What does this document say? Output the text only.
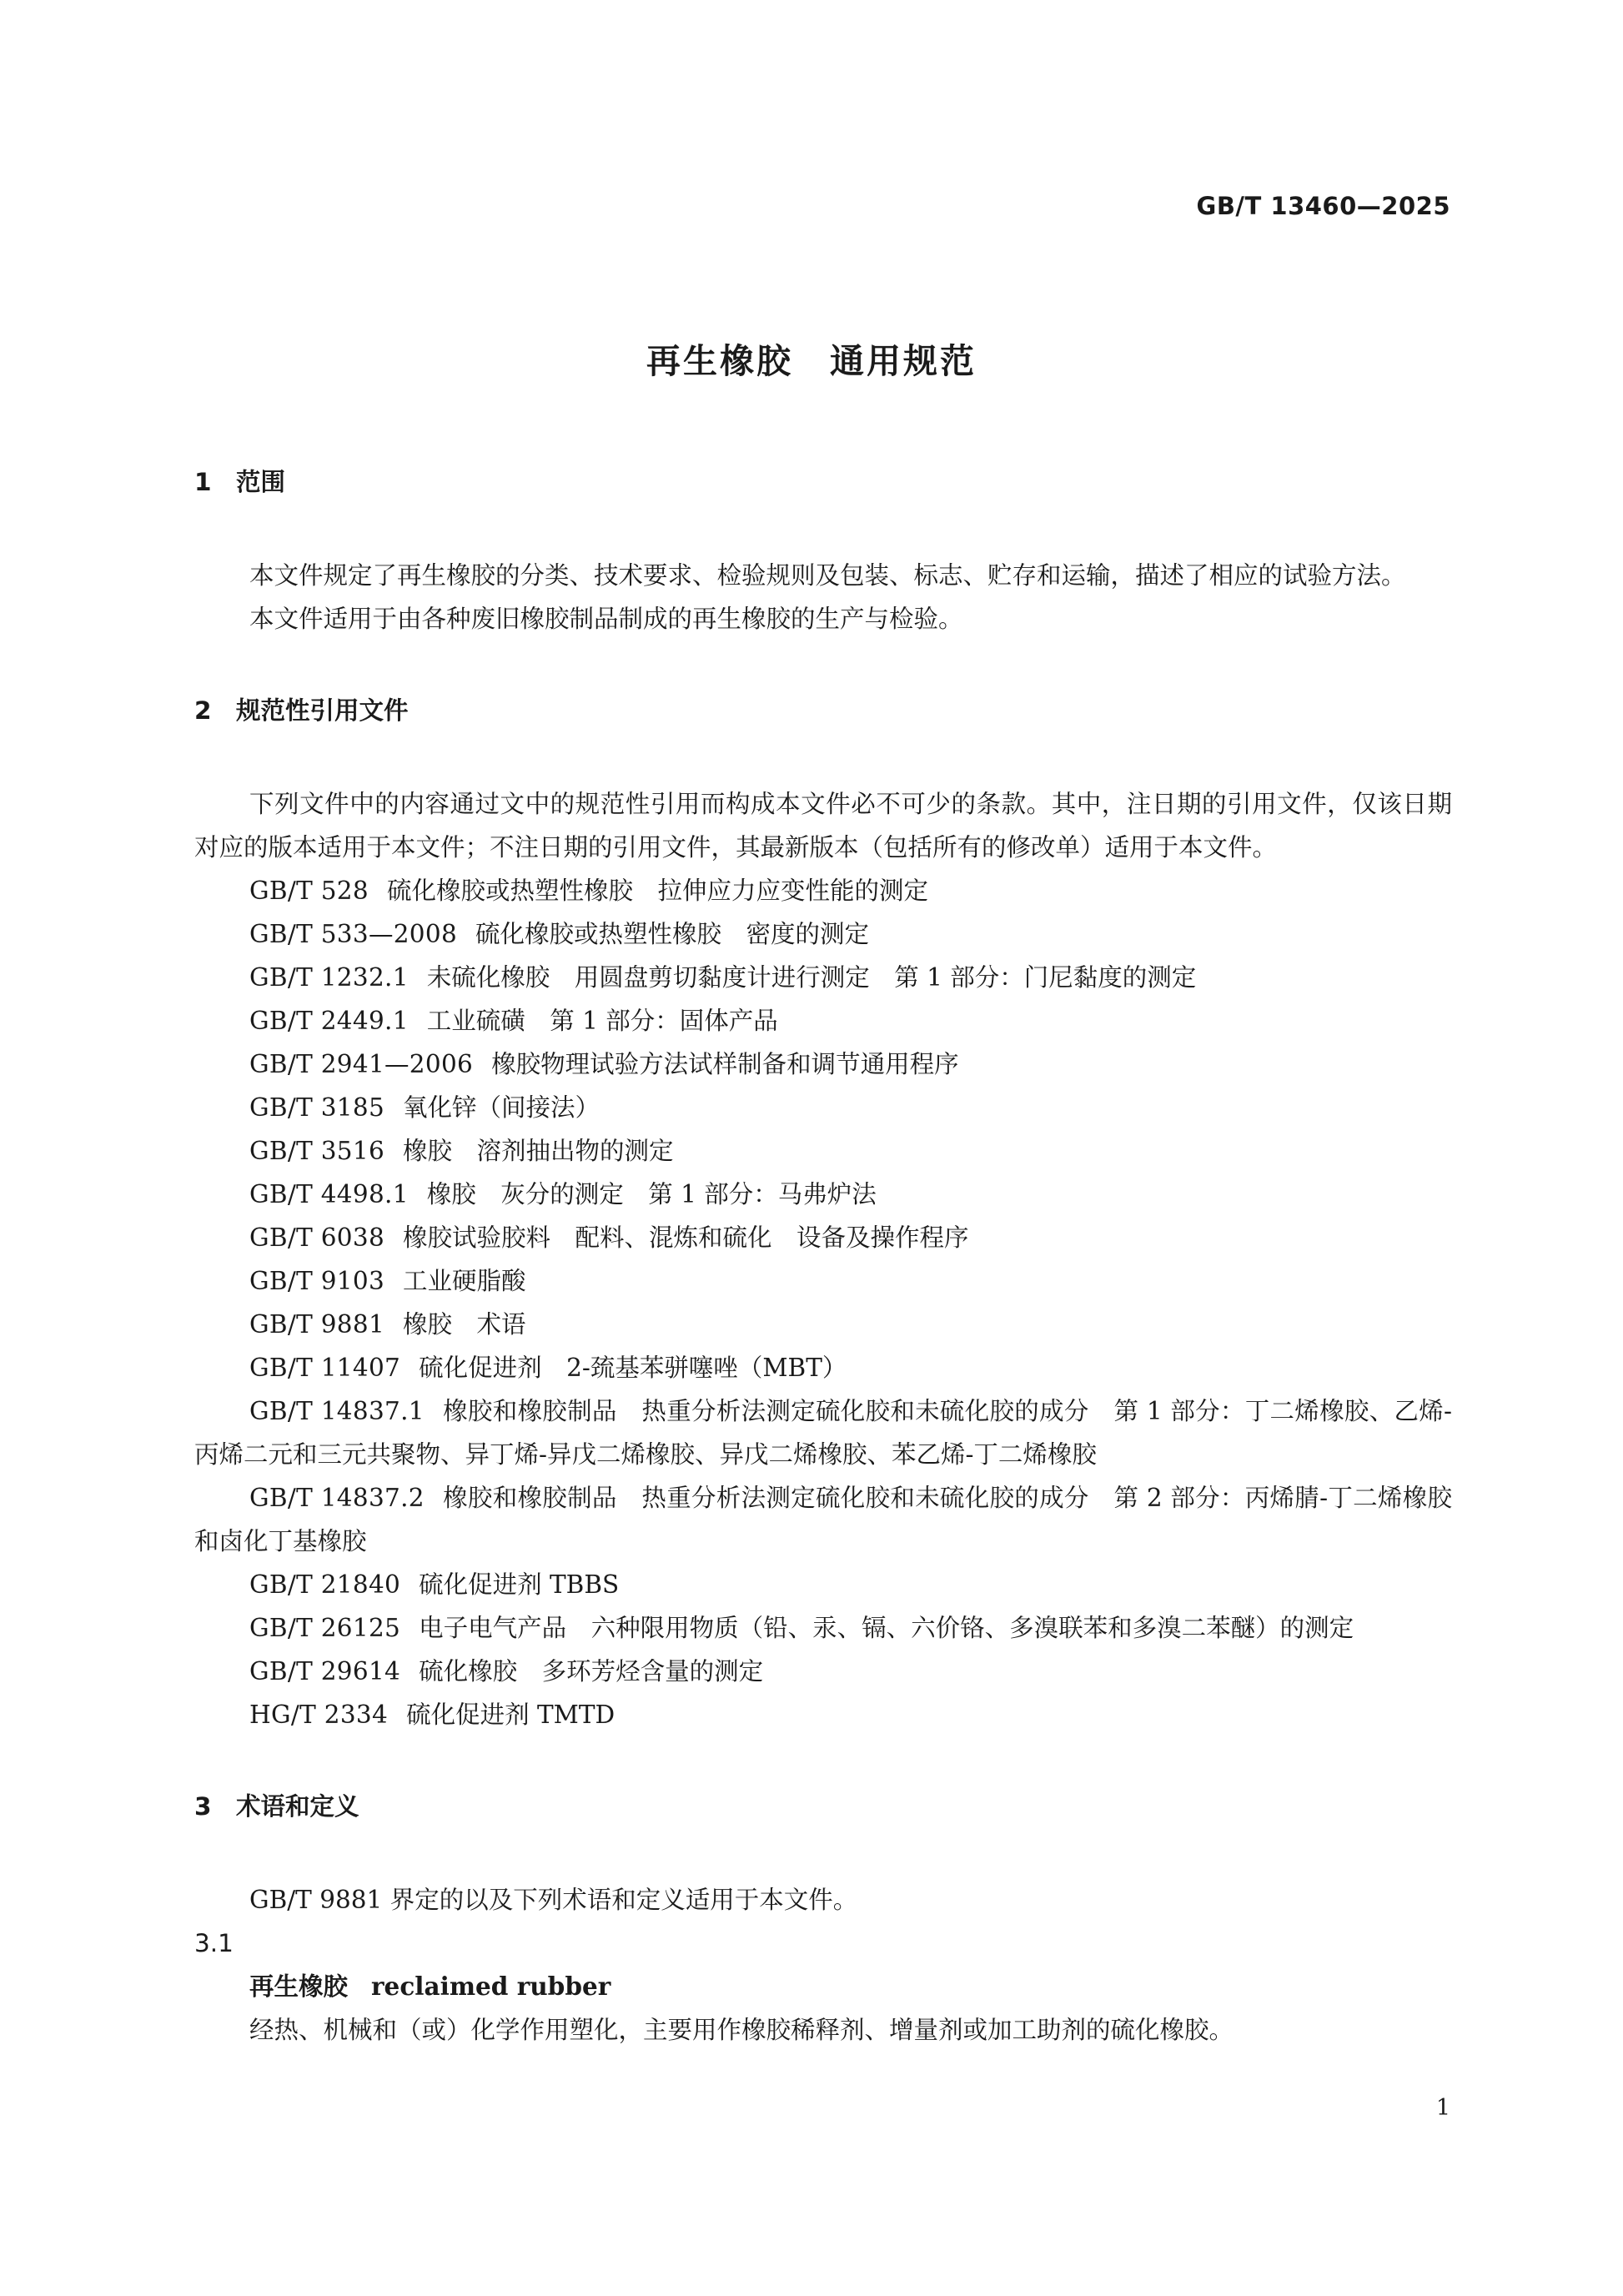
GB/T 13460—2025
再生橡胶　通用规范
1 范围

本文件规定了再生橡胶的分类、技术要求、检验规则及包装、标志、贮存和运输，描述了相应的试验方法。

本文件适用于由各种废旧橡胶制品制成的再生橡胶的生产与检验。

2 规范性引用文件

下列文件中的内容通过文中的规范性引用而构成本文件必不可少的条款。其中，注日期的引用文件，仅该日期对应的版本适用于本文件；不注日期的引用文件，其最新版本（包括所有的修改单）适用于本文件。

GB/T 528 硫化橡胶或热塑性橡胶　拉伸应力应变性能的测定
GB/T 533—2008 硫化橡胶或热塑性橡胶　密度的测定
GB/T 1232.1 未硫化橡胶　用圆盘剪切黏度计进行测定　第 1 部分：门尼黏度的测定
GB/T 2449.1 工业硫磺　第 1 部分：固体产品
GB/T 2941—2006 橡胶物理试验方法试样制备和调节通用程序
GB/T 3185 氧化锌（间接法）
GB/T 3516 橡胶　溶剂抽出物的测定
GB/T 4498.1 橡胶　灰分的测定　第 1 部分：马弗炉法
GB/T 6038 橡胶试验胶料　配料、混炼和硫化　设备及操作程序
GB/T 9103 工业硬脂酸
GB/T 9881 橡胶　术语
GB/T 11407 硫化促进剂　2-巯基苯骈噻唑（MBT）
GB/T 14837.1 橡胶和橡胶制品　热重分析法测定硫化胶和未硫化胶的成分　第 1 部分：丁二烯橡胶、乙烯-丙烯二元和三元共聚物、异丁烯-异戊二烯橡胶、异戊二烯橡胶、苯乙烯-丁二烯橡胶
GB/T 14837.2 橡胶和橡胶制品　热重分析法测定硫化胶和未硫化胶的成分　第 2 部分：丙烯腈-丁二烯橡胶和卤化丁基橡胶
GB/T 21840 硫化促进剂 TBBS
GB/T 26125 电子电气产品　六种限用物质（铅、汞、镉、六价铬、多溴联苯和多溴二苯醚）的测定
GB/T 29614 硫化橡胶　多环芳烃含量的测定
HG/T 2334 硫化促进剂 TMTD
3 术语和定义

GB/T 9881 界定的以及下列术语和定义适用于本文件。

3.1
再生橡胶 reclaimed rubber

经热、机械和（或）化学作用塑化，主要用作橡胶稀释剂、增量剂或加工助剂的硫化橡胶。

1
